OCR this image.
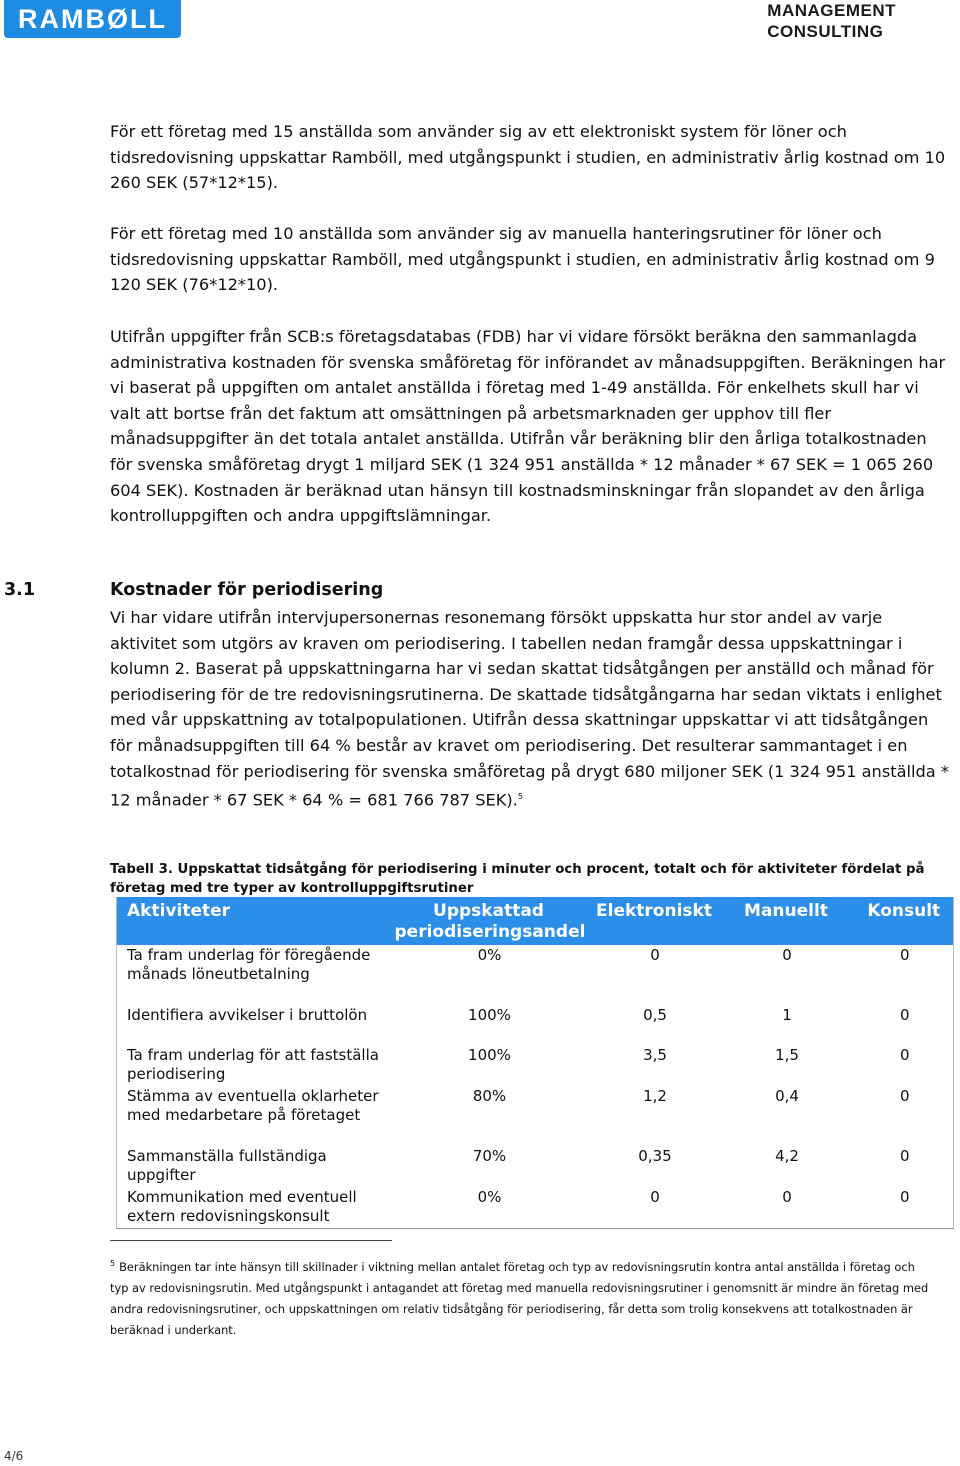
RAMBØLL	MANAGEMENT
CONSULTING

För ett företag med 15 anställda som använder sig av ett elektroniskt system för löner och tidsredovisning uppskattar Ramböll, med utgångspunkt i studien, en administrativ årlig kostnad om 10 260 SEK (57*12*15).

För ett företag med 10 anställda som använder sig av manuella hanteringsrutiner för löner och tidsredovisning uppskattar Ramböll, med utgångspunkt i studien, en administrativ årlig kostnad om 9 120 SEK (76*12*10).

Utifrån uppgifter från SCB:s företagsdatabas (FDB) har vi vidare försökt beräkna den sammanlagda administrativa kostnaden för svenska småföretag för införandet av månadsuppgiften. Beräkningen har vi baserat på uppgiften om antalet anställda i företag med 1-49 anställda. För enkelhets skull har vi valt att bortse från det faktum att omsättningen på arbetsmarknaden ger upphov till fler månadsuppgifter än det totala antalet anställda. Utifrån vår beräkning blir den årliga totalkostnaden för svenska småföretag drygt 1 miljard SEK (1 324 951 anställda * 12 månader * 67 SEK = 1 065 260 604 SEK). Kostnaden är beräknad utan hänsyn till kostnadsminskningar från slopandet av den årliga kontrolluppgiften och andra uppgiftslämningar.

3.1	Kostnader för periodisering

Vi har vidare utifrån intervjupersonernas resonemang försökt uppskatta hur stor andel av varje aktivitet som utgörs av kraven om periodisering. I tabellen nedan framgår dessa uppskattningar i kolumn 2. Baserat på uppskattningarna har vi sedan skattat tidsåtgången per anställd och månad för periodisering för de tre redovisningsrutinerna. De skattade tidsåtgångarna har sedan viktats i enlighet med vår uppskattning av totalpopulationen. Utifrån dessa skattningar uppskattar vi att tidsåtgången för månadsuppgiften till 64 % består av kravet om periodisering. Det resulterar sammantaget i en totalkostnad för periodisering för svenska småföretag på drygt 680 miljoner SEK (1 324 951 anställda * 12 månader * 67 SEK * 64 % = 681 766 787 SEK).$^5$

Tabell 3. Uppskattat tidsåtgång för periodisering i minuter och procent, totalt och för aktiviteter fördelat på företag med tre typer av kontrolluppgiftsrutiner

Aktiviteter	Uppskattad periodiseringsandel	Elektroniskt	Manuellt	Konsult
Ta fram underlag för föregående månads löneutbetalning	0%	0	0	0
Identifiera avvikelser i bruttolön	100%	0,5	1	0
Ta fram underlag för att fastställa periodisering	100%	3,5	1,5	0
Stämma av eventuella oklarheter med medarbetare på företaget	80%	1,2	0,4	0
Sammanställa fullständiga uppgifter	70%	0,35	4,2	0
Kommunikation med eventuell extern redovisningskonsult	0%	0	0	0

$^5$ Beräkningen tar inte hänsyn till skillnader i viktning mellan antalet företag och typ av redovisningsrutin kontra antal anställda i företag och typ av redovisningsrutin. Med utgångspunkt i antagandet att företag med manuella redovisningsrutiner i genomsnitt är mindre än företag med andra redovisningsrutiner, och uppskattningen om relativ tidsåtgång för periodisering, får detta som trolig konsekvens att totalkostnaden är beräknad i underkant.

4/6
